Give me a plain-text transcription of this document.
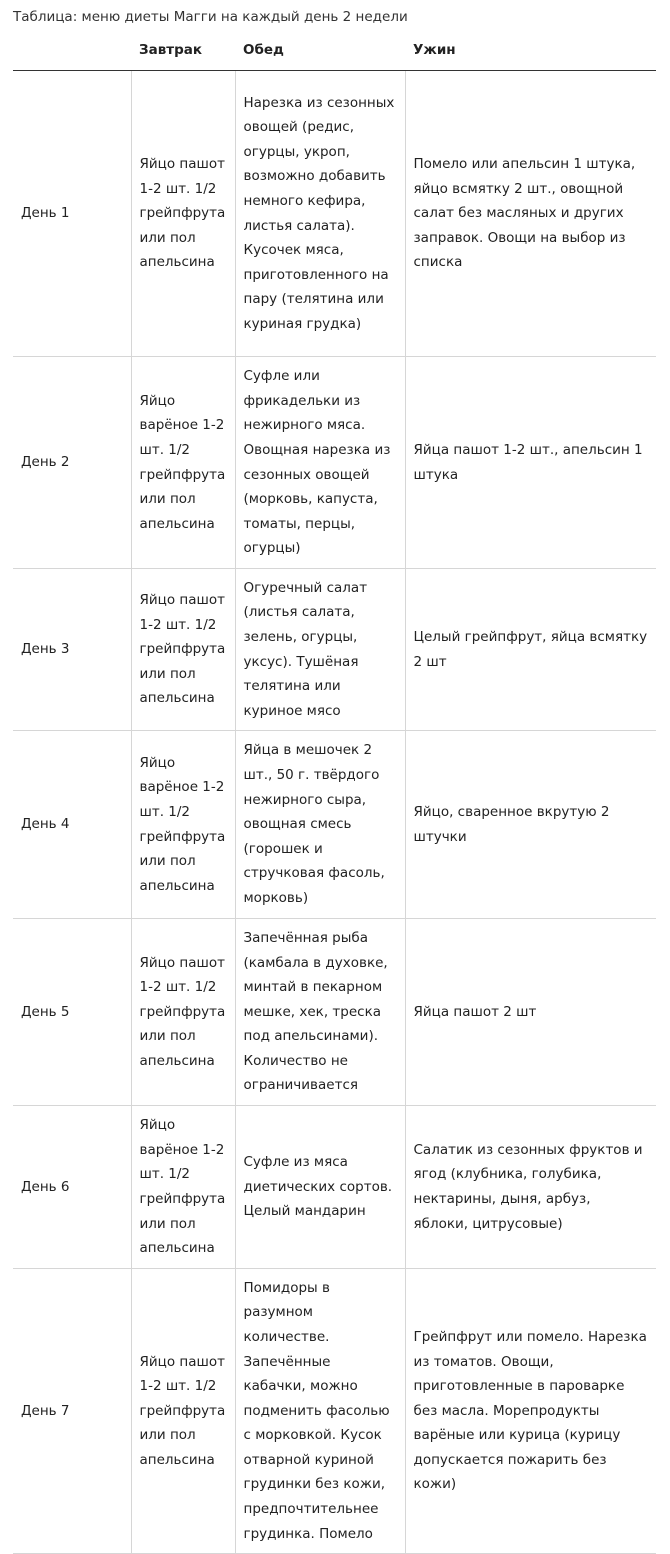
Таблица: меню диеты Магги на каждый день 2 недели
	Завтрак	Обед	Ужин
День 1	Яйцо пашот 1-2 шт. 1/2 грейпфрута или пол апельсина	Нарезка из сезонных овощей (редис, огурцы, укроп, возможно добавить немного кефира, листья салата). Кусочек мяса, приготовленного на пару (телятина или куриная грудка)	Помело или апельсин 1 штука, яйцо всмятку 2 шт., овощной салат без масляных и других заправок. Овощи на выбор из списка
День 2	Яйцо варёное 1-2 шт. 1/2 грейпфрута или пол апельсина	Суфле или фрикадельки из нежирного мяса. Овощная нарезка из сезонных овощей (морковь, капуста, томаты, перцы, огурцы)	Яйца пашот 1-2 шт., апельсин 1 штука
День 3	Яйцо пашот 1-2 шт. 1/2 грейпфрута или пол апельсина	Огуречный салат (листья салата, зелень, огурцы, уксус). Тушёная телятина или куриное мясо	Целый грейпфрут, яйца всмятку 2 шт
День 4	Яйцо варёное 1-2 шт. 1/2 грейпфрута или пол апельсина	Яйца в мешочек 2 шт., 50 г. твёрдого нежирного сыра, овощная смесь (горошек и стручковая фасоль, морковь)	Яйцо, сваренное вкрутую 2 штучки
День 5	Яйцо пашот 1-2 шт. 1/2 грейпфрута или пол апельсина	Запечённая рыба (камбала в духовке, минтай в пекарном мешке, хек, треска под апельсинами). Количество не ограничивается	Яйца пашот 2 шт
День 6	Яйцо варёное 1-2 шт. 1/2 грейпфрута или пол апельсина	Суфле из мяса диетических сортов. Целый мандарин	Салатик из сезонных фруктов и ягод (клубника, голубика, нектарины, дыня, арбуз, яблоки, цитрусовые)
День 7	Яйцо пашот 1-2 шт. 1/2 грейпфрута или пол апельсина	Помидоры в разумном количестве. Запечённые кабачки, можно подменить фасолью с морковкой. Кусок отварной куриной грудинки без кожи, предпочтительнее грудинка. Помело	Грейпфрут или помело. Нарезка из томатов. Овощи, приготовленные в пароварке без масла. Морепродукты варёные или курица (курицу допускается пожарить без кожи)
